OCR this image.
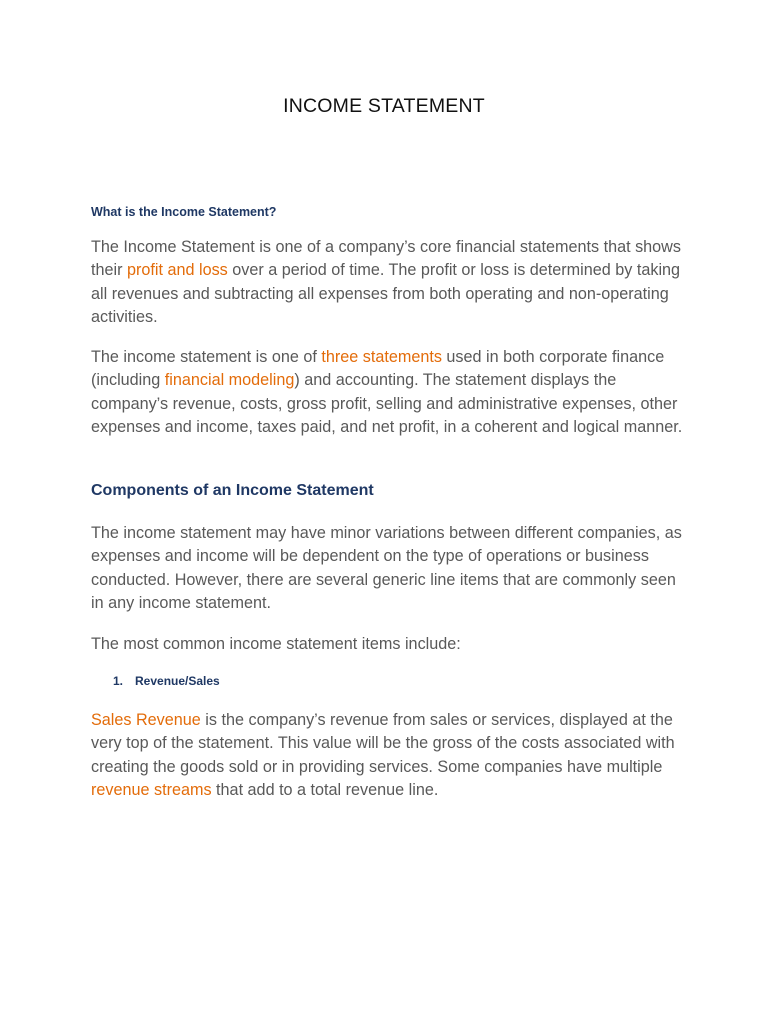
INCOME STATEMENT
What is the Income Statement?

The Income Statement is one of a company’s core financial statements that shows their profit and loss over a period of time. The profit or loss is determined by taking all revenues and subtracting all expenses from both operating and non-operating activities.

The income statement is one of three statements used in both corporate finance (including financial modeling) and accounting. The statement displays the company’s revenue, costs, gross profit, selling and administrative expenses, other expenses and income, taxes paid, and net profit, in a coherent and logical manner.

Components of an Income Statement

The income statement may have minor variations between different companies, as expenses and income will be dependent on the type of operations or business conducted. However, there are several generic line items that are commonly seen in any income statement.

The most common income statement items include:

1. Revenue/Sales

Sales Revenue is the company’s revenue from sales or services, displayed at the very top of the statement. This value will be the gross of the costs associated with creating the goods sold or in providing services. Some companies have multiple revenue streams that add to a total revenue line.
